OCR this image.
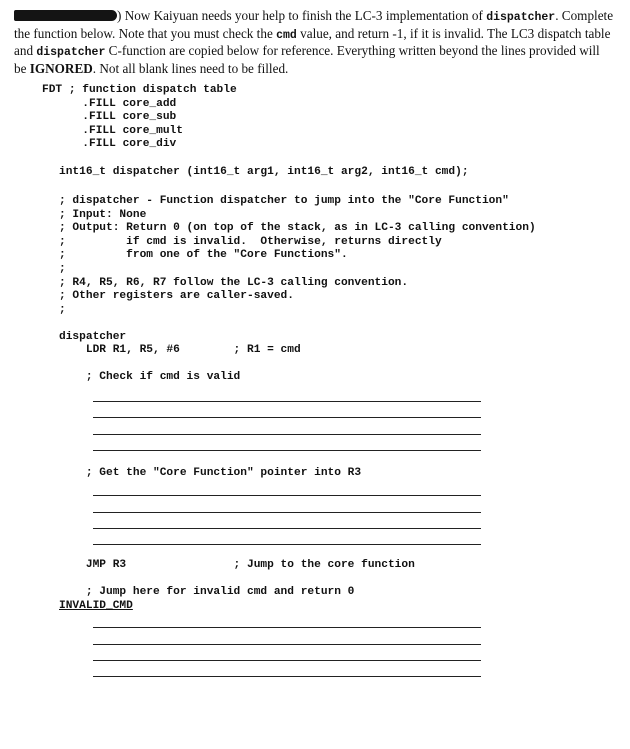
) Now Kaiyuan needs your help to finish the LC-3 implementation of dispatcher. Complete the function below. Note that you must check the cmd value, and return -1, if it is invalid. The LC3 dispatch table and dispatcher C-function are copied below for reference. Everything written beyond the lines provided will be IGNORED. Not all blank lines need to be filled.
FDT ; function dispatch table
.FILL core_add
.FILL core_sub
.FILL core_mult
.FILL core_div
int16_t dispatcher (int16_t arg1, int16_t arg2, int16_t cmd);
; dispatcher - Function dispatcher to jump into the "Core Function"
; Input: None
; Output: Return 0 (on top of the stack, as in LC-3 calling convention)
;         if cmd is invalid.  Otherwise, returns directly
;         from one of the "Core Functions".
;
; R4, R5, R6, R7 follow the LC-3 calling convention.
; Other registers are caller-saved.
;
dispatcher
LDR R1, R5, #6        ; R1 = cmd
; Check if cmd is valid
; Get the "Core Function" pointer into R3
JMP R3                ; Jump to the core function
; Jump here for invalid cmd and return 0
INVALID_CMD
